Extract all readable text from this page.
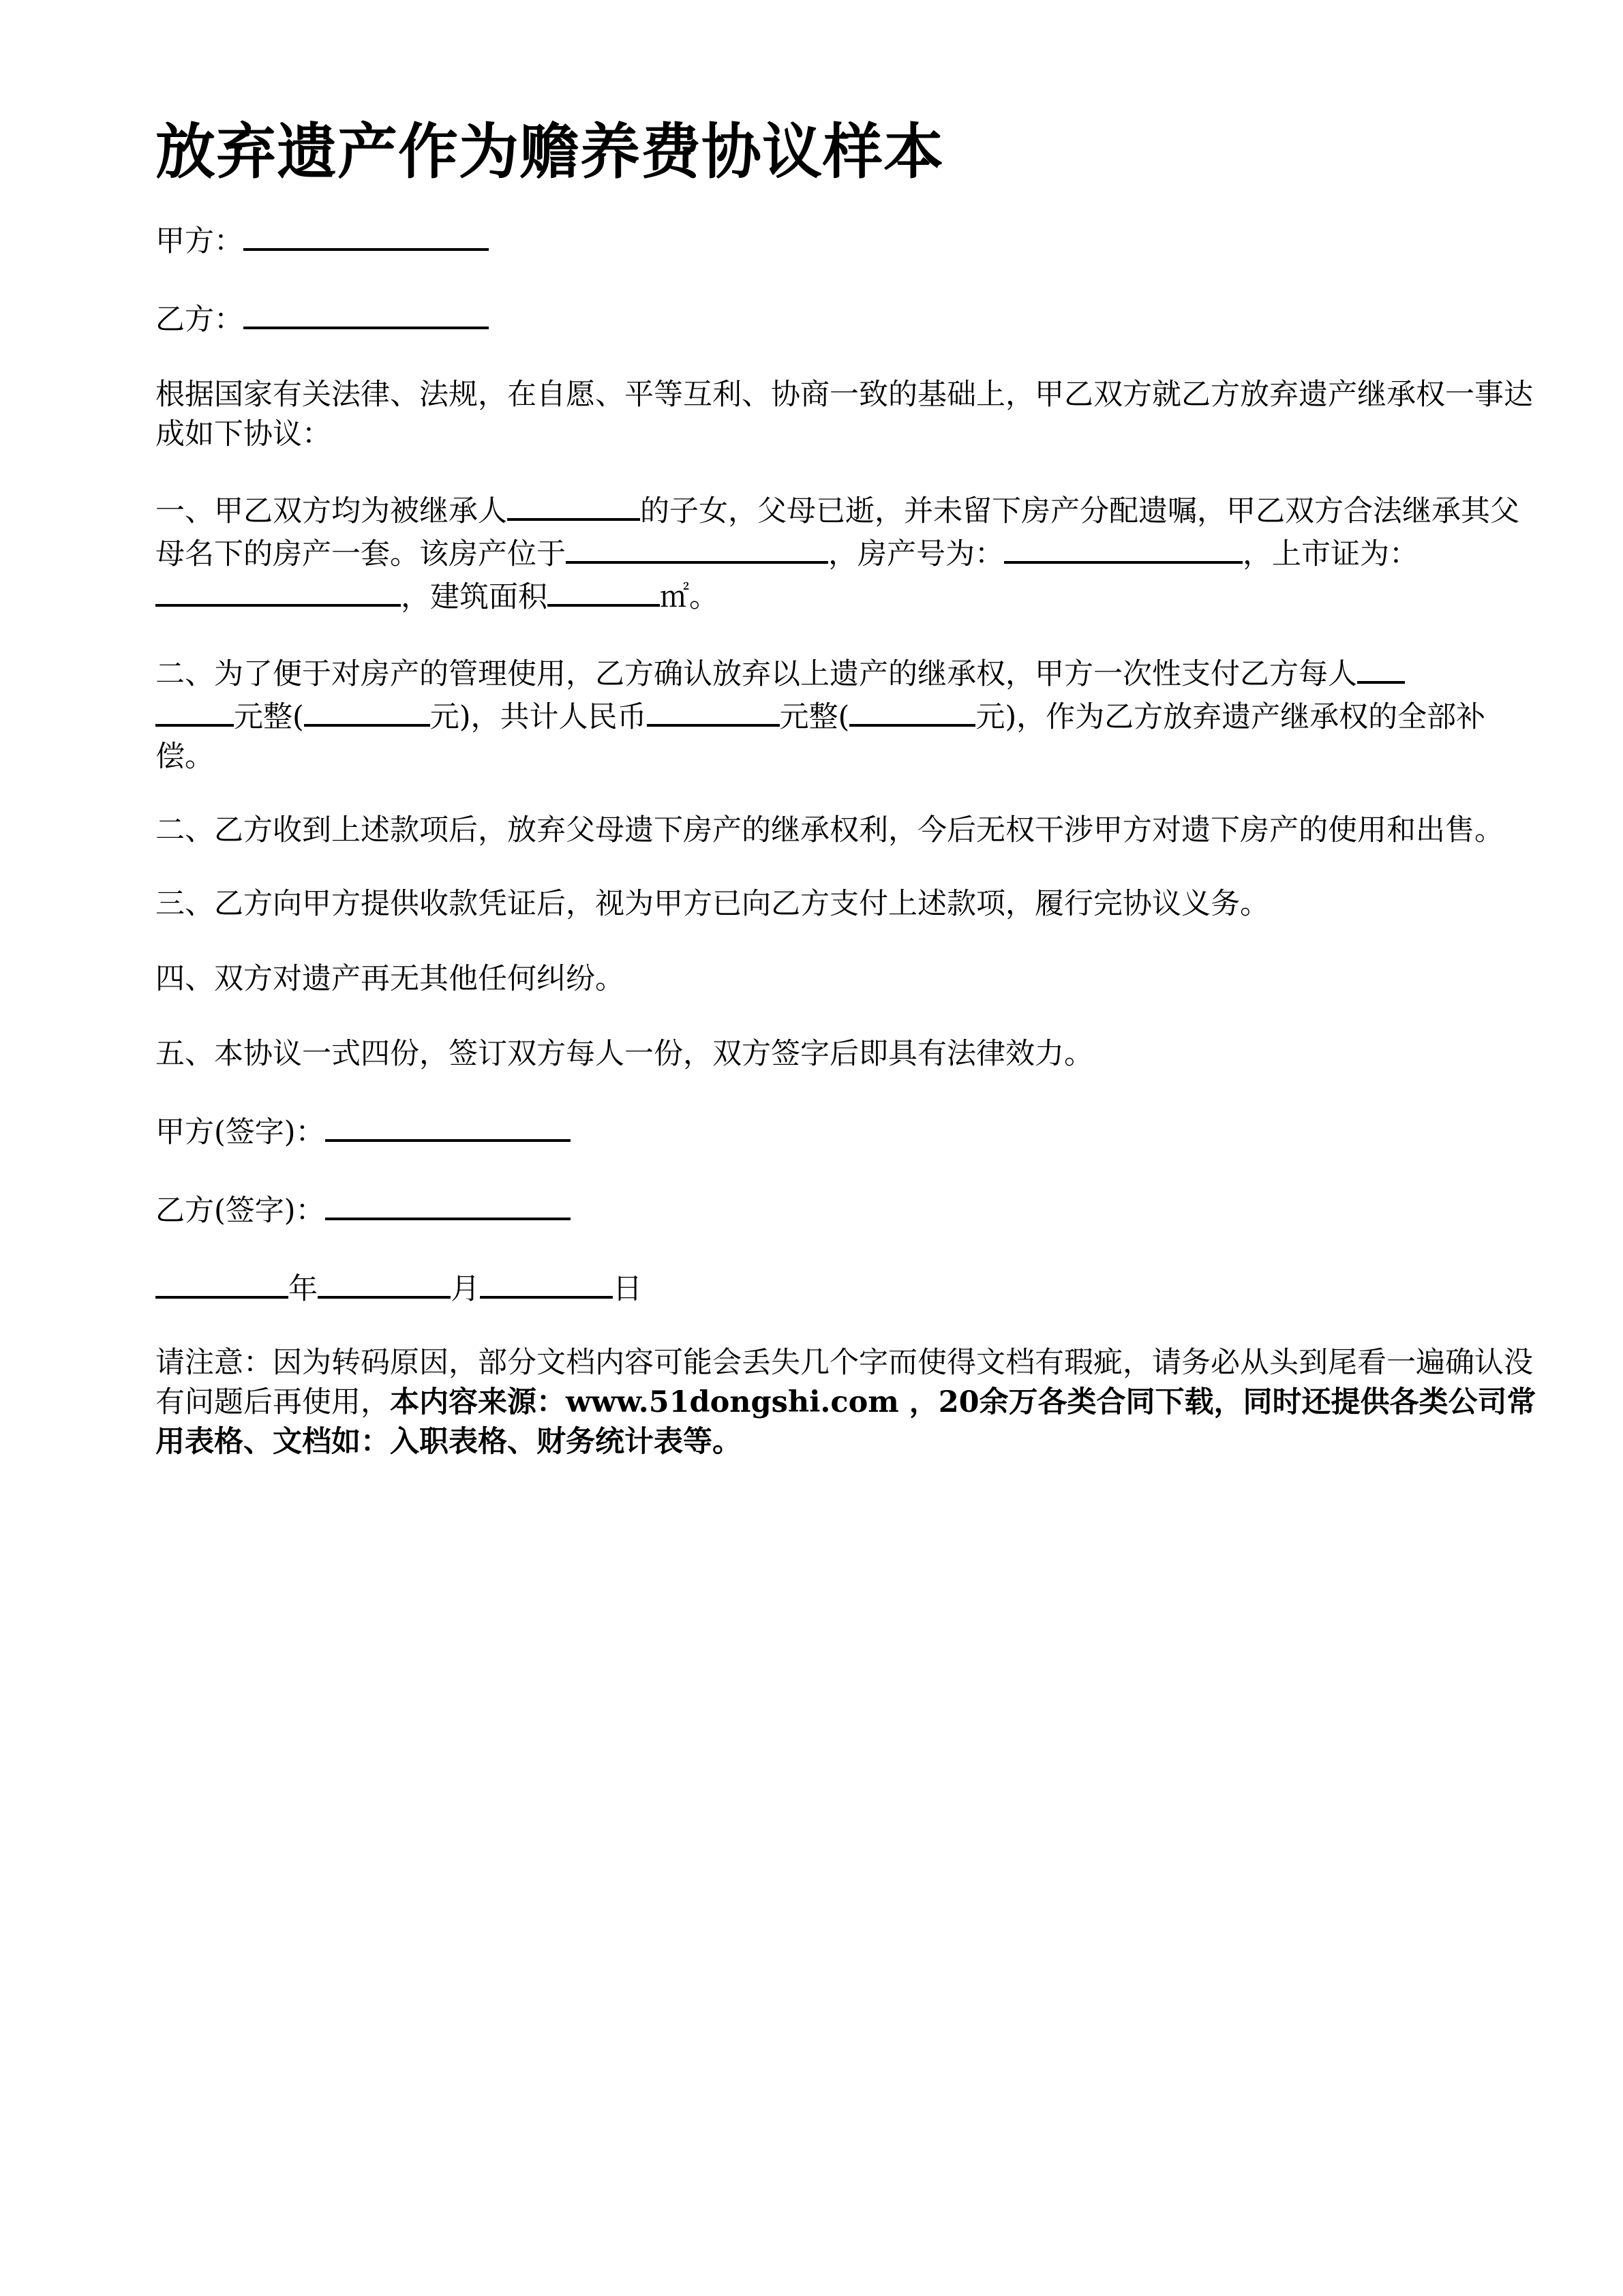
放弃遗产作为赡养费协议样本

甲方：

乙方：

根据国家有关法律、法规，在自愿、平等互利、协商一致的基础上，甲乙双方就乙方放弃遗产继承权一事达成如下协议：

一、甲乙双方均为被继承人	的子女，父母已逝，并未留下房产分配遗嘱，甲乙双方合法继承其父母名下的房产一套。该房产位于	，房产号为：	，上市证为：，建筑面积	㎡。

二、为了便于对房产的管理使用，乙方确认放弃以上遗产的继承权，甲方一次性支付乙方每人
元整(	元)，共计人民币	元整(	元)，作为乙方放弃遗产继承权的全部补偿。

二、乙方收到上述款项后，放弃父母遗下房产的继承权利，今后无权干涉甲方对遗下房产的使用和出售。

三、乙方向甲方提供收款凭证后，视为甲方已向乙方支付上述款项，履行完协议义务。

四、双方对遗产再无其他任何纠纷。

五、本协议一式四份，签订双方每人一份，双方签字后即具有法律效力。

甲方(签字)：

乙方(签字)：

年	月	日

请注意：因为转码原因，部分文档内容可能会丢失几个字而使得文档有瑕疵，请务必从头到尾看一遍确认没有问题后再使用，本内容来源：www.51dongshi.com ，20余万各类合同下载，同时还提供各类公司常用表格、文档如：入职表格、财务统计表等。
